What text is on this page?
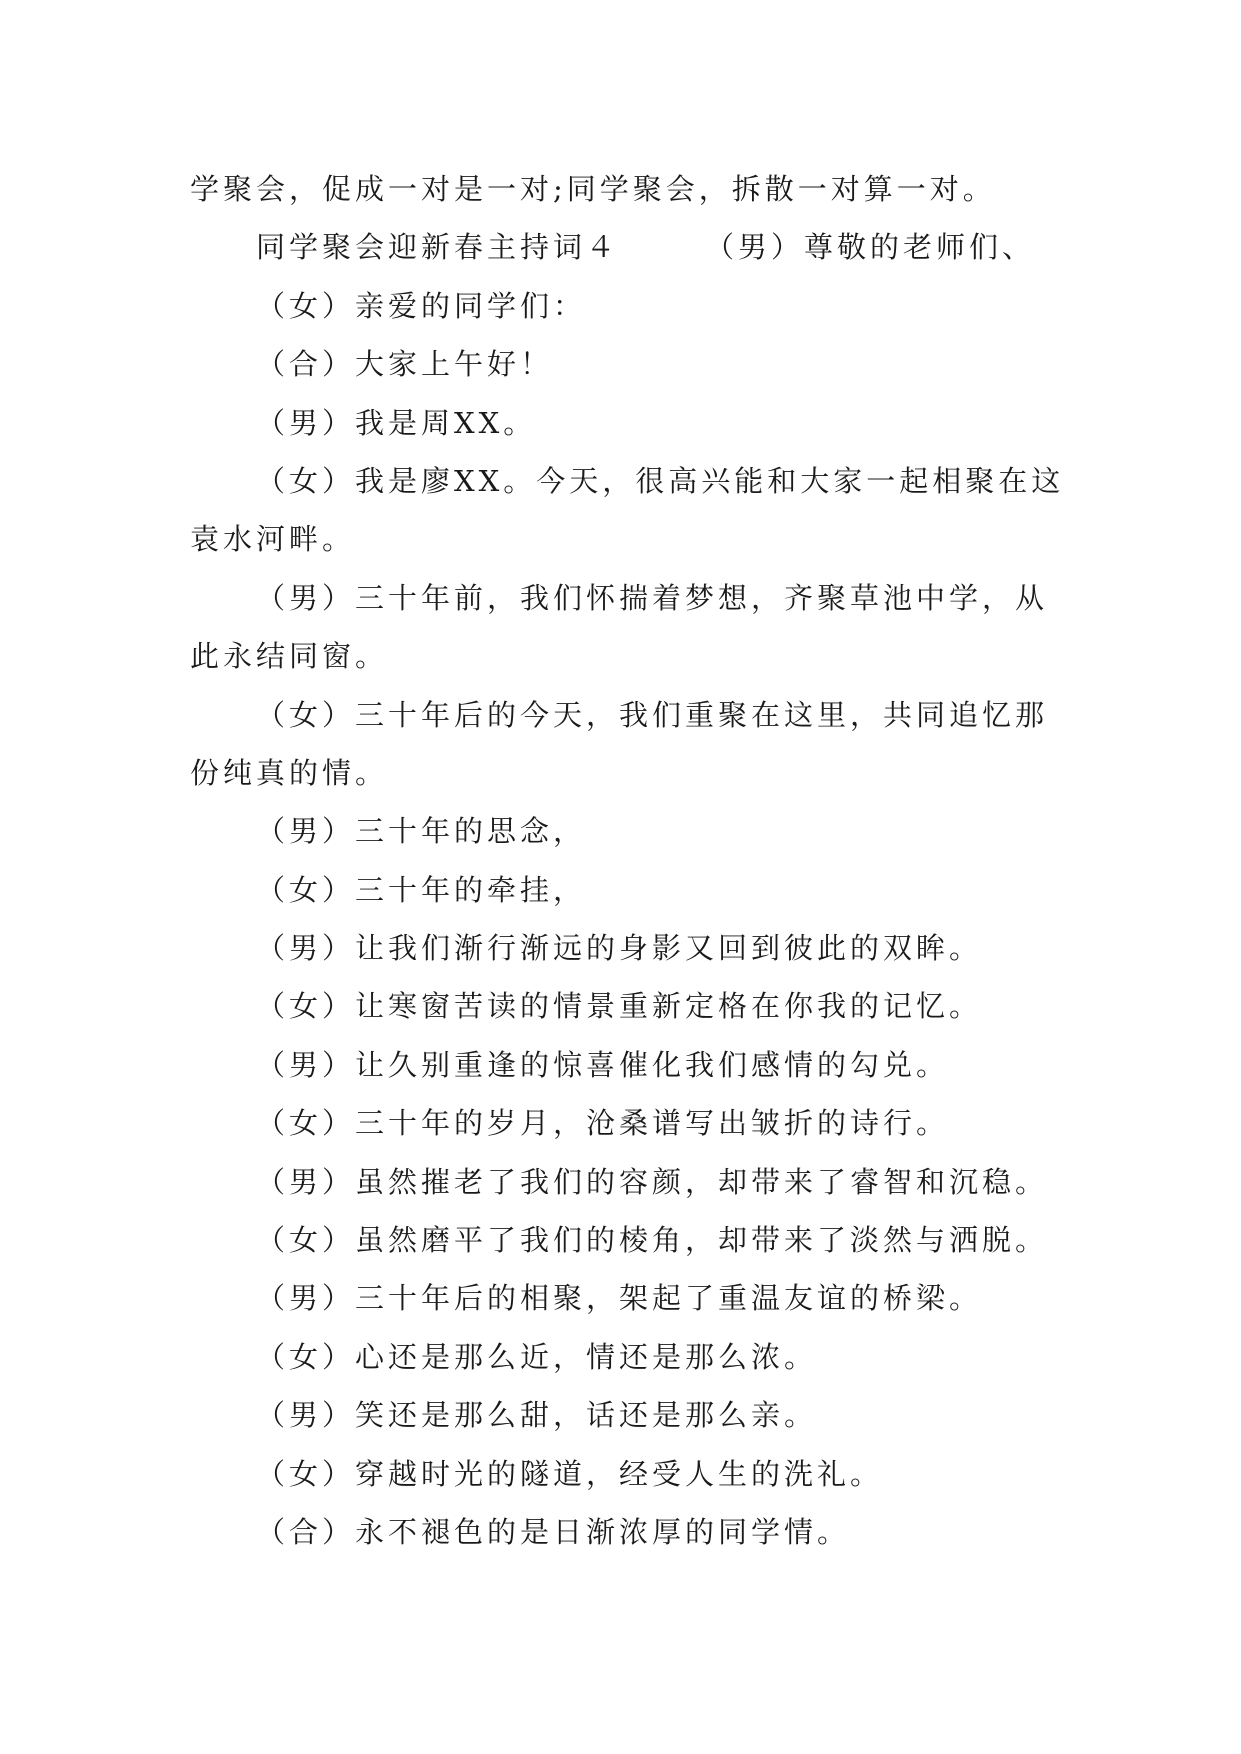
学聚会，促成一对是一对;同学聚会，拆散一对算一对。
同学聚会迎新春主持词４	（男）尊敬的老师们、
（女）亲爱的同学们：
（合）大家上午好！
（男）我是周XX。
（女）我是廖XX。今天，很高兴能和大家一起相聚在这
袁水河畔。
（男）三十年前，我们怀揣着梦想，齐聚草池中学，从
此永结同窗。
（女）三十年后的今天，我们重聚在这里，共同追忆那
份纯真的情。
（男）三十年的思念，
（女）三十年的牵挂，
（男）让我们渐行渐远的身影又回到彼此的双眸。
（女）让寒窗苦读的情景重新定格在你我的记忆。
（男）让久别重逢的惊喜催化我们感情的勾兑。
（女）三十年的岁月，沧桑谱写出皱折的诗行。
（男）虽然摧老了我们的容颜，却带来了睿智和沉稳。
（女）虽然磨平了我们的棱角，却带来了淡然与洒脱。
（男）三十年后的相聚，架起了重温友谊的桥梁。
（女）心还是那么近，情还是那么浓。
（男）笑还是那么甜，话还是那么亲。
（女）穿越时光的隧道，经受人生的洗礼。
（合）永不褪色的是日渐浓厚的同学情。
